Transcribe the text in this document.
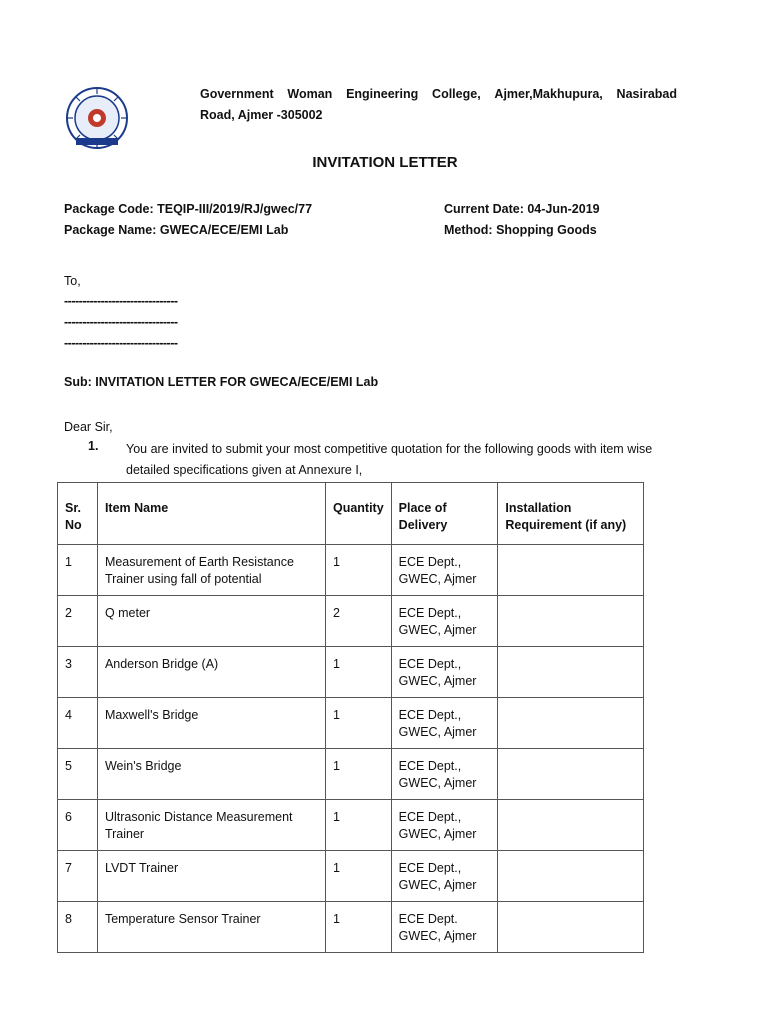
Government Woman Engineering College, Ajmer,Makhupura, Nasirabad
Road, Ajmer -305002
INVITATION LETTER
Package Code: TEQIP-III/2019/RJ/gwec/77
Package Name: GWECA/ECE/EMI Lab
Current Date: 04-Jun-2019
Method: Shopping Goods
To,
-------------------------------
-------------------------------
-------------------------------
Sub: INVITATION LETTER FOR GWECA/ECE/EMI Lab
Dear Sir,
1. You are invited to submit your most competitive quotation for the following goods with item wise detailed specifications given at Annexure I,
Sr. No	Item Name	Quantity	Place of Delivery	Installation Requirement (if any)
1	Measurement of Earth Resistance Trainer using fall of potential	1	ECE Dept., GWEC, Ajmer	
2	Q meter	2	ECE Dept., GWEC, Ajmer	
3	Anderson Bridge (A)	1	ECE Dept., GWEC, Ajmer	
4	Maxwell's Bridge	1	ECE Dept., GWEC, Ajmer	
5	Wein's Bridge	1	ECE Dept., GWEC, Ajmer	
6	Ultrasonic Distance Measurement Trainer	1	ECE Dept., GWEC, Ajmer	
7	LVDT Trainer	1	ECE Dept., GWEC, Ajmer	
8	Temperature Sensor Trainer	1	ECE Dept. GWEC, Ajmer	
